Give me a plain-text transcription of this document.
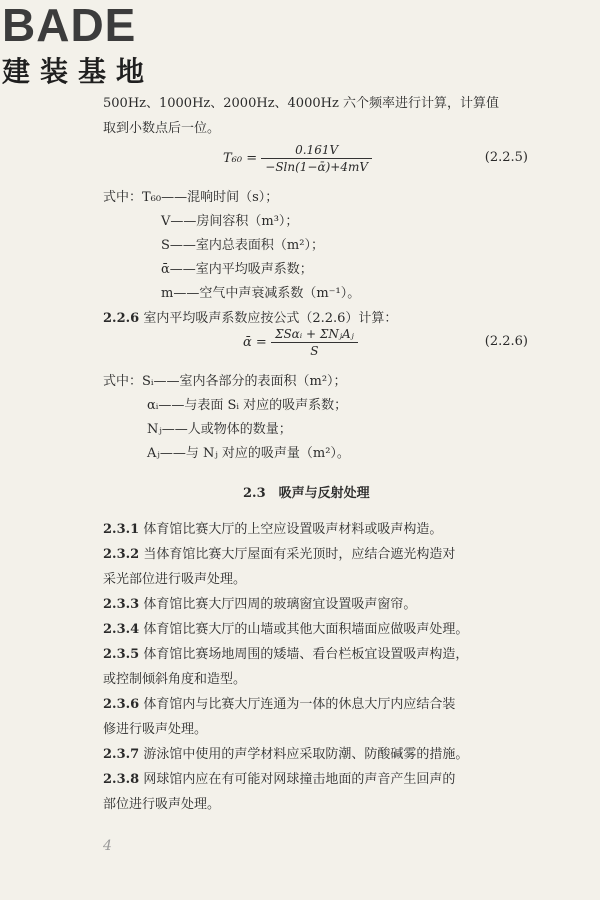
BADE
建装基地
500Hz、1000Hz、2000Hz、4000Hz 六个频率进行计算，计算值
取到小数点后一位。
$T_{60} = \frac{0.161V}{\text{−Sln(1−ᾱ)+4mV}}$	(2.2.5)
式中：T₆₀——混响时间（s）；
V——房间容积（m³）；
S——室内总表面积（m²）；
ᾱ——室内平均吸声系数；
m——空气中声衰减系数（m⁻¹）。
2.2.6 室内平均吸声系数应按公式（2.2.6）计算：
ᾱ = $\frac{\text{ΣSαᵢ + ΣNⱼAⱼ}}{S}$	(2.2.6)
式中：Sᵢ——室内各部分的表面积（m²）；
αᵢ——与表面 Sᵢ 对应的吸声系数；
Nⱼ——人或物体的数量；
Aⱼ——与 Nⱼ 对应的吸声量（m²）。
2.3　吸声与反射处理
2.3.1 体育馆比赛大厅的上空应设置吸声材料或吸声构造。
2.3.2 当体育馆比赛大厅屋面有采光顶时，应结合遮光构造对
采光部位进行吸声处理。
2.3.3 体育馆比赛大厅四周的玻璃窗宜设置吸声窗帘。
2.3.4 体育馆比赛大厅的山墙或其他大面积墙面应做吸声处理。
2.3.5 体育馆比赛场地周围的矮墙、看台栏板宜设置吸声构造，
或控制倾斜角度和造型。
2.3.6 体育馆内与比赛大厅连通为一体的休息大厅内应结合装
修进行吸声处理。
2.3.7 游泳馆中使用的声学材料应采取防潮、防酸碱雾的措施。
2.3.8 网球馆内应在有可能对网球撞击地面的声音产生回声的
部位进行吸声处理。
4
